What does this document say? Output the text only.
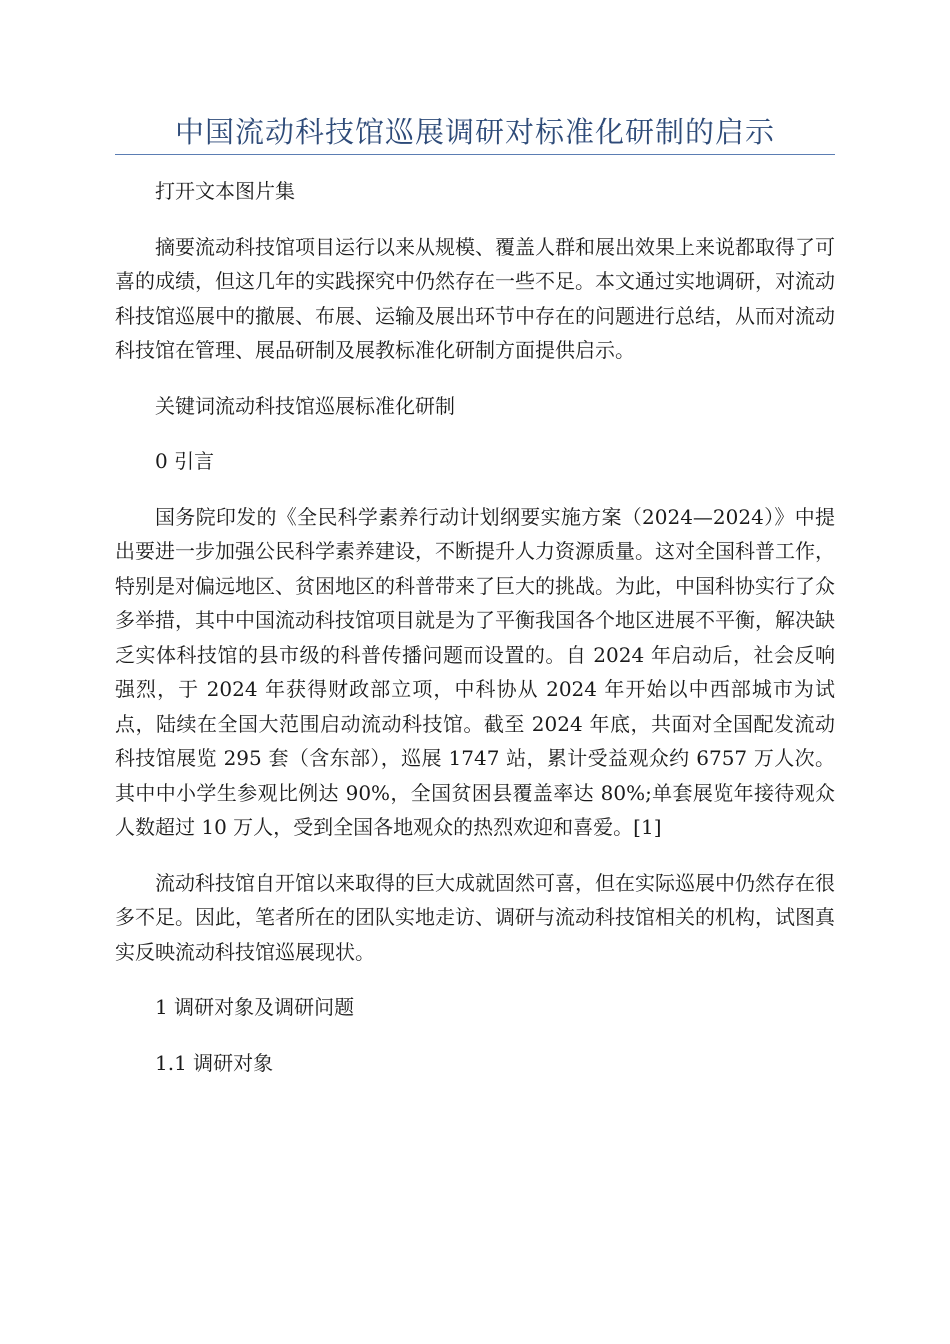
中国流动科技馆巡展调研对标准化研制的启示

打开文本图片集

摘要流动科技馆项目运行以来从规模、覆盖人群和展出效果上来说都取得了可喜的成绩，但这几年的实践探究中仍然存在一些不足。本文通过实地调研，对流动科技馆巡展中的撤展、布展、运输及展出环节中存在的问题进行总结，从而对流动科技馆在管理、展品研制及展教标准化研制方面提供启示。

关键词流动科技馆巡展标准化研制

0 引言

国务院印发的《全民科学素养行动计划纲要实施方案（2024—2024）》中提出要进一步加强公民科学素养建设，不断提升人力资源质量。这对全国科普工作，特别是对偏远地区、贫困地区的科普带来了巨大的挑战。为此，中国科协实行了众多举措，其中中国流动科技馆项目就是为了平衡我国各个地区进展不平衡，解决缺乏实体科技馆的县市级的科普传播问题而设置的。自 2024 年启动后，社会反响强烈，于 2024 年获得财政部立项，中科协从 2024 年开始以中西部城市为试点，陆续在全国大范围启动流动科技馆。截至 2024 年底，共面对全国配发流动科技馆展览 295 套（含东部），巡展 1747 站，累计受益观众约 6757 万人次。其中中小学生参观比例达 90%，全国贫困县覆盖率达 80%;单套展览年接待观众人数超过 10 万人，受到全国各地观众的热烈欢迎和喜爱。[1]

流动科技馆自开馆以来取得的巨大成就固然可喜，但在实际巡展中仍然存在很多不足。因此，笔者所在的团队实地走访、调研与流动科技馆相关的机构，试图真实反映流动科技馆巡展现状。

1 调研对象及调研问题

1.1 调研对象
